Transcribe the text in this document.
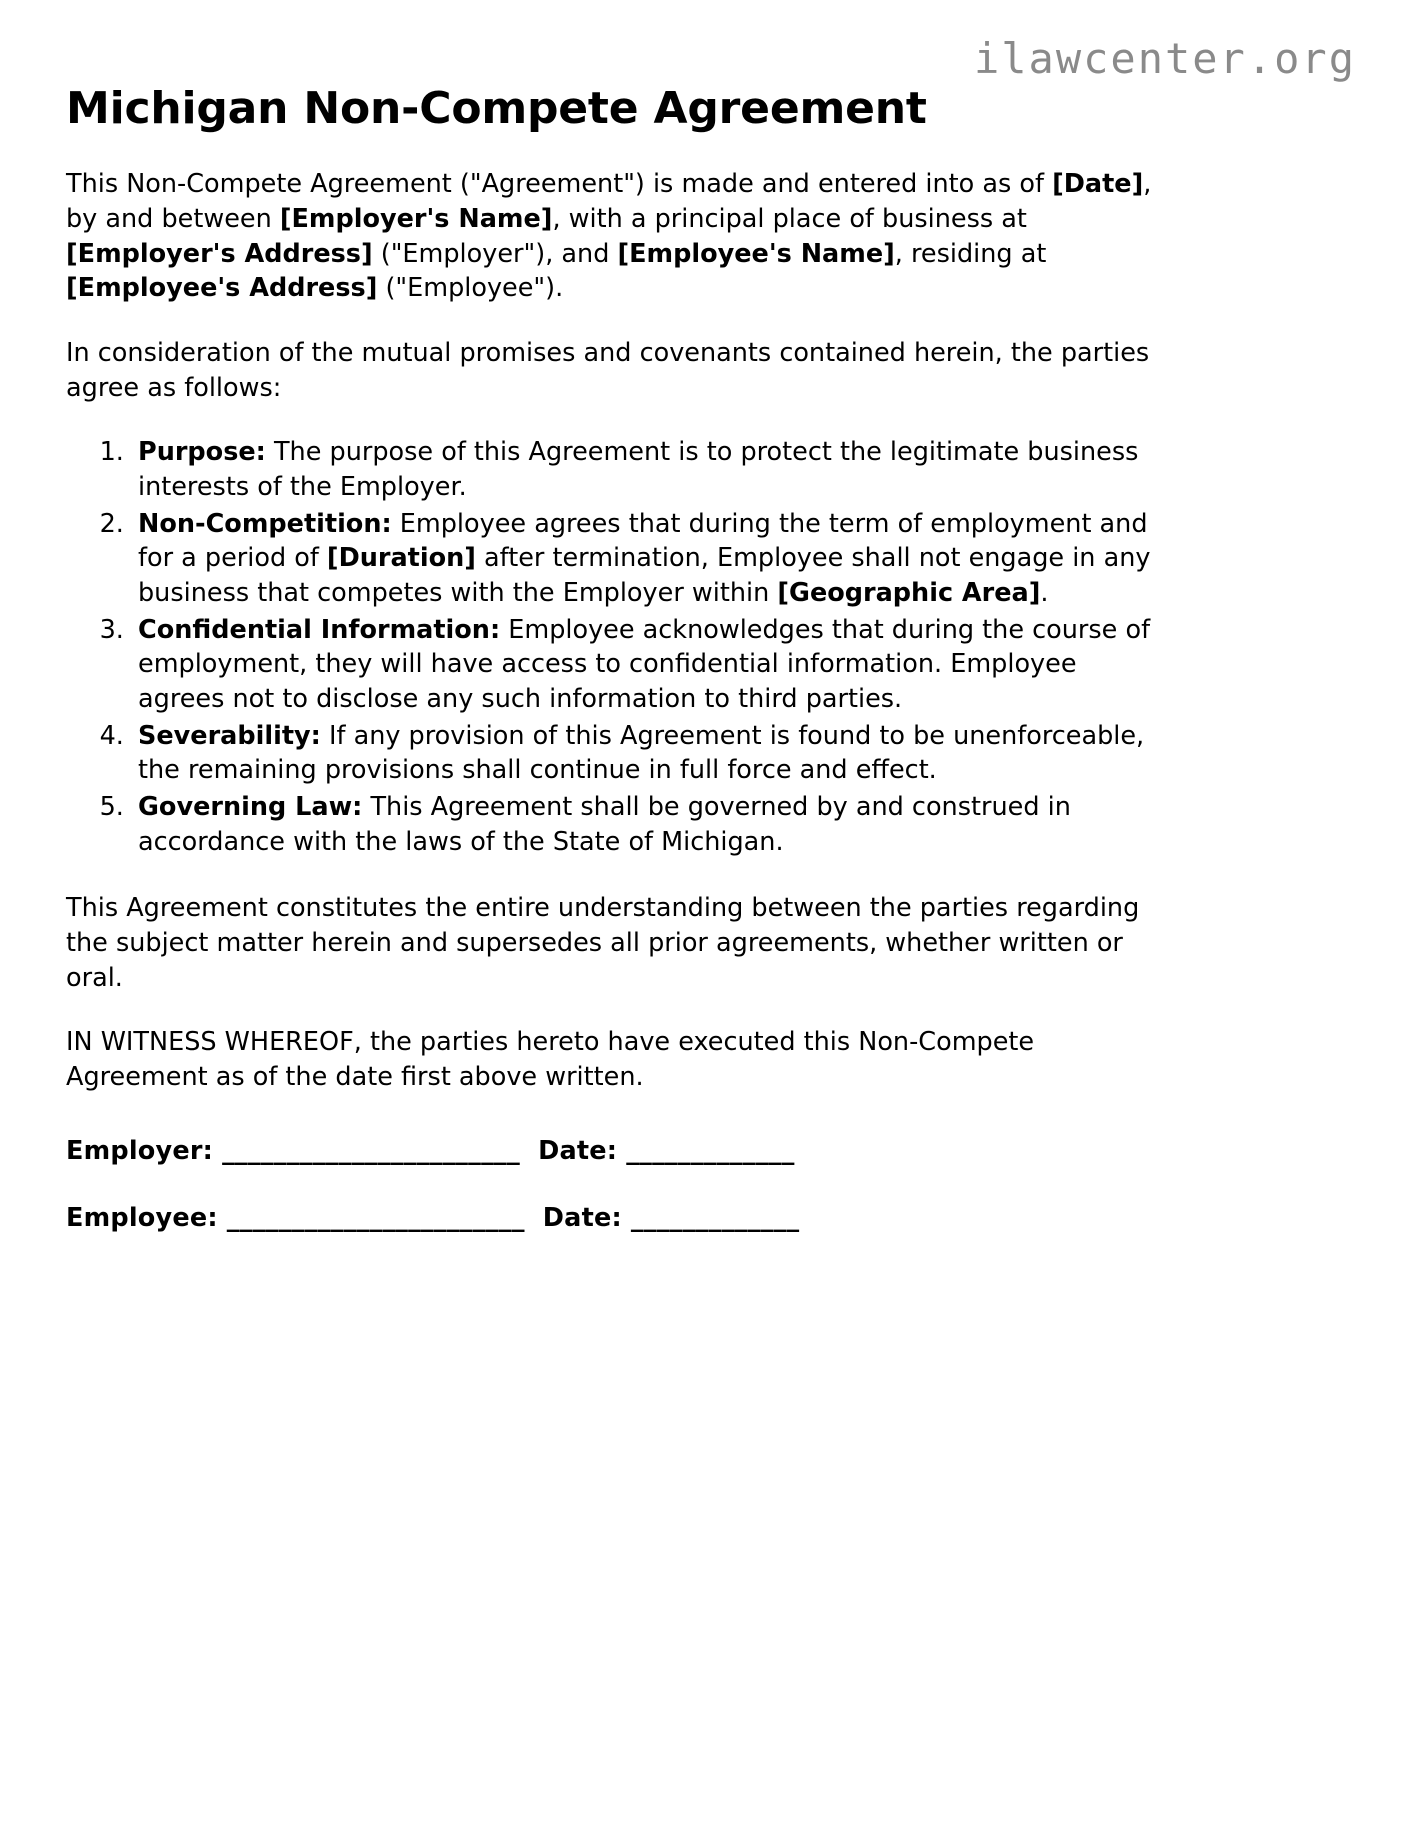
ilawcenter.org
Michigan Non-Compete Agreement

This Non-Compete Agreement ("Agreement") is made and entered into as of [Date], by and between [Employer's Name], with a principal place of business at [Employer's Address] ("Employer"), and [Employee's Name], residing at [Employee's Address] ("Employee").

In consideration of the mutual promises and covenants contained herein, the parties agree as follows:

1. Purpose: The purpose of this Agreement is to protect the legitimate business interests of the Employer.
2. Non-Competition: Employee agrees that during the term of employment and for a period of [Duration] after termination, Employee shall not engage in any business that competes with the Employer within [Geographic Area].
3. Confidential Information: Employee acknowledges that during the course of employment, they will have access to confidential information. Employee agrees not to disclose any such information to third parties.
4. Severability: If any provision of this Agreement is found to be unenforceable, the remaining provisions shall continue in full force and effect.
5. Governing Law: This Agreement shall be governed by and construed in accordance with the laws of the State of Michigan.

This Agreement constitutes the entire understanding between the parties regarding the subject matter herein and supersedes all prior agreements, whether written or oral.

IN WITNESS WHEREOF, the parties hereto have executed this Non-Compete Agreement as of the date first above written.

Employer: _______________________  Date: _____________
Employee: _______________________  Date: _____________
